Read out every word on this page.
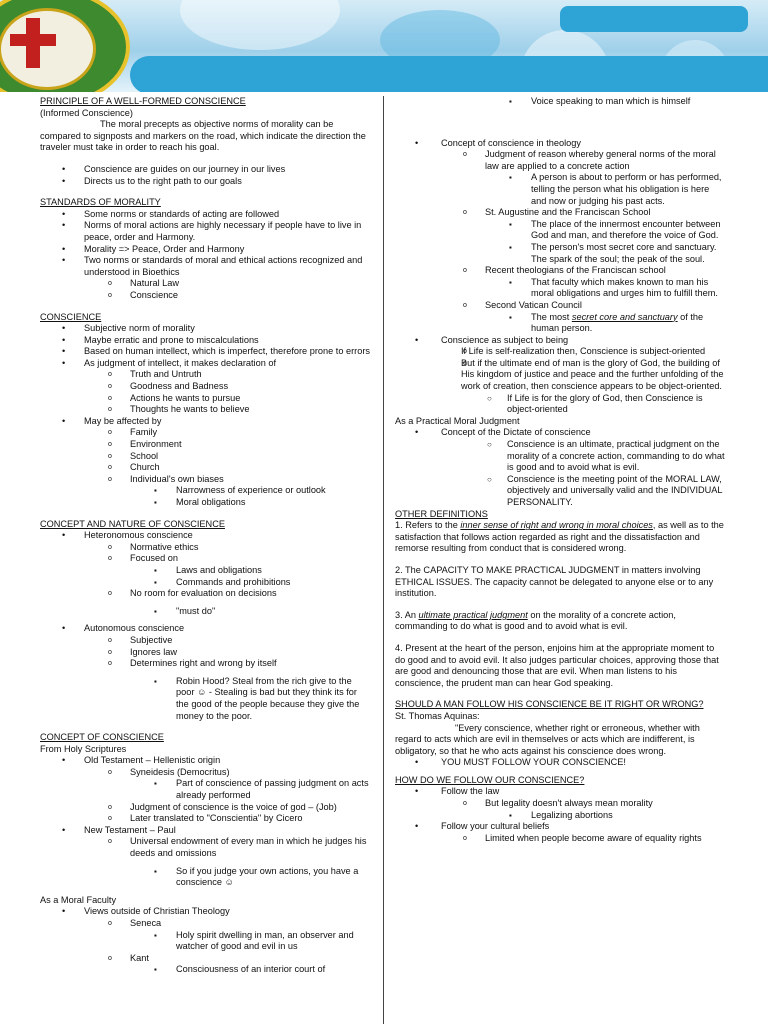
PRINCIPLE OF A WELL-FORMED CONSCIENCE
(Informed Conscience)
The moral precepts as objective norms of morality can be compared to signposts and markers on the road, which indicate the direction the traveler must take in order to reach his goal.
• Conscience are guides on our journey in our lives
• Directs us to the right path to our goals
STANDARDS OF MORALITY
• Some norms or standards of acting are followed
• Norms of moral actions are highly necessary if people have to live in peace, order and Harmony.
• Morality => Peace, Order and Harmony
• Two norms or standards of moral and ethical actions recognized and understood in Bioethics
o Natural Law
o Conscience
CONSCIENCE
• Subjective norm of morality
• Maybe erratic and prone to miscalculations
• Based on human intellect, which is imperfect, therefore prone to errors
• As judgment of intellect, it makes declaration of
o Truth and Untruth
o Goodness and Badness
o Actions he wants to pursue
o Thoughts he wants to believe
• May be affected by
o Family
o Environment
o School
o Church
o Individual's own biases
▪ Narrowness of experience or outlook
▪ Moral obligations
CONCEPT AND NATURE OF CONSCIENCE
• Heteronomous conscience
o Normative ethics
o Focused on
▪ Laws and obligations
▪ Commands and prohibitions
o No room for evaluation on decisions
▪ "must do"
• Autonomous conscience
o Subjective
o Ignores law
o Determines right and wrong by itself
▪ Robin Hood? Steal from the rich give to the poor ☺ - Stealing is bad but they think its for the good of the people because they give the money to the poor.
CONCEPT OF CONSCIENCE
From Holy Scriptures
• Old Testament – Hellenistic origin
o Syneidesis (Democritus)
▪ Part of conscience of passing judgment on acts already performed
o Judgment of conscience is the voice of god – (Job)
o Later translated to "Conscientia" by Cicero
• New Testament – Paul
o Universal endowment of every man in which he judges his deeds and omissions
▪ So if you judge your own actions, you have a conscience ☺
As a Moral Faculty
• Views outside of Christian Theology
o Seneca
▪ Holy spirit dwelling in man, an observer and watcher of good and evil in us
o Kant
▪ Consciousness of an interior court of
▪ Voice speaking to man which is himself
• Concept of conscience in theology
o Judgment of reason whereby general norms of the moral law are applied to a concrete action
▪ A person is about to perform or has performed, telling the person what his obligation is here and now or judging his past acts.
o St. Augustine and the Franciscan School
▪ The place of the innermost encounter between God and man, and therefore the voice of God.
▪ The person's most secret core and sanctuary. The spark of the soul; the peak of the soul.
o Recent theologians of the Franciscan school
▪ That faculty which makes known to man his moral obligations and urges him to fulfill them.
o Second Vatican Council
▪ The most secret core and sanctuary of the human person.
• Conscience as subject to being
o If Life is self-realization then, Conscience is subject-oriented
o But if the ultimate end of man is the glory of God, the building of His kingdom of justice and peace and the further unfolding of the work of creation, then conscience appears to be object-oriented.
○ If Life is for the glory of God, then Conscience is object-oriented
As a Practical Moral Judgment
• Concept of the Dictate of conscience
○ Conscience is an ultimate, practical judgment on the morality of a concrete action, commanding to do what is good and to avoid what is evil.
○ Conscience is the meeting point of the MORAL LAW, objectively and universally valid and the INDIVIDUAL PERSONALITY.
OTHER DEFINITIONS
1. Refers to the inner sense of right and wrong in moral choices, as well as to the satisfaction that follows action regarded as right and the dissatisfaction and remorse resulting from conduct that is considered wrong.
2. The CAPACITY TO MAKE PRACTICAL JUDGMENT in matters involving ETHICAL ISSUES. The capacity cannot be delegated to anyone else or to any institution.
3. An ultimate practical judgment on the morality of a concrete action, commanding to do what is good and to avoid what is evil.
4. Present at the heart of the person, enjoins him at the appropriate moment to do good and to avoid evil. It also judges particular choices, approving those that are good and denouncing those that are evil. When man listens to his conscience, the prudent man can hear God speaking.
SHOULD A MAN FOLLOW HIS CONSCIENCE BE IT RIGHT OR WRONG?
St. Thomas Aquinas:
"Every conscience, whether right or erroneous, whether with regard to acts which are evil in themselves or acts which are indifferent, is obligatory, so that he who acts against his conscience does wrong.
• YOU MUST FOLLOW YOUR CONSCIENCE!
HOW DO WE FOLLOW OUR CONSCIENCE?
• Follow the law
o But legality doesn't always mean morality
▪ Legalizing abortions
• Follow your cultural beliefs
o Limited when people become aware of equality rights
